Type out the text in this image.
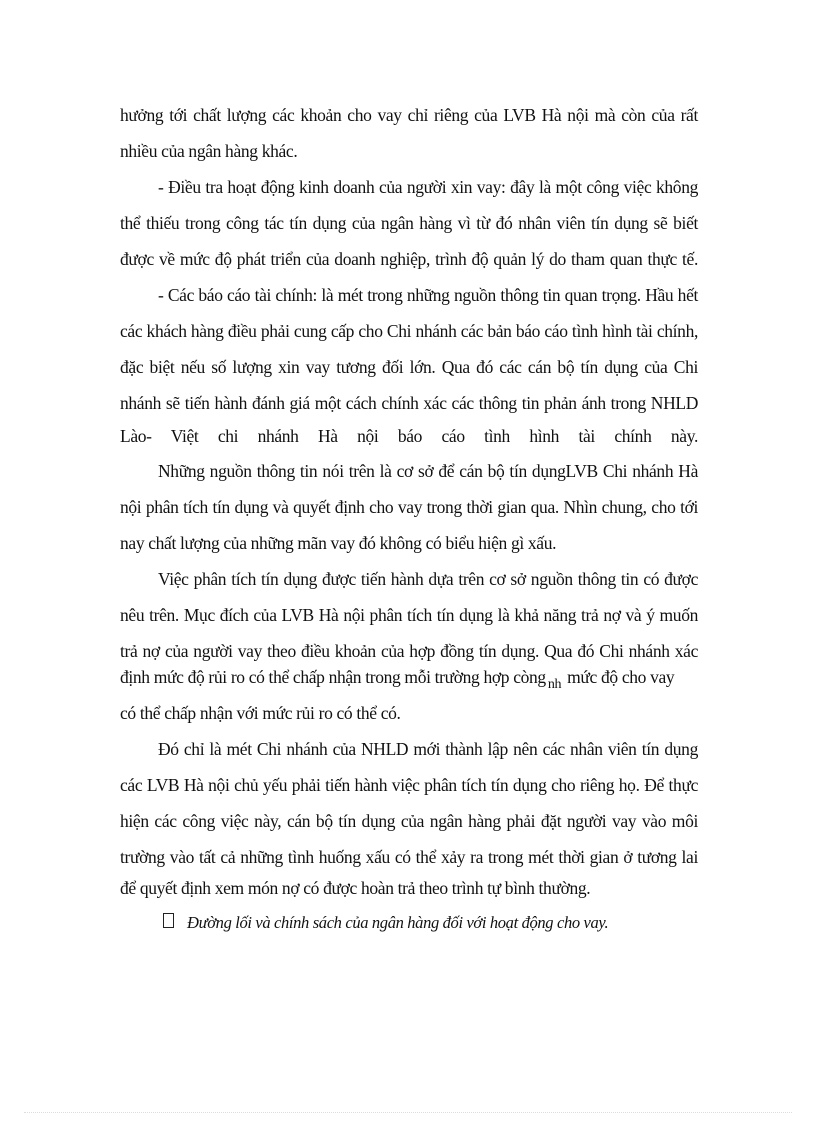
hưởng tới chất lượng các khoản cho vay chỉ riêng của LVB Hà nội mà còn của rất
nhiều của ngân hàng khác.
- Điều tra hoạt động kinh doanh của người xin vay: đây là một công việc không
thể thiếu trong công tác tín dụng của ngân hàng vì từ đó nhân viên tín dụng sẽ biết
được về mức độ phát triển của doanh nghiệp, trình độ quản lý do tham quan thực tế.
- Các báo cáo tài chính: là mét trong những nguồn thông tin quan trọng. Hầu hết
các khách hàng điều phải cung cấp cho Chi nhánh các bản báo cáo tình hình tài chính,
đặc biệt nếu số lượng xin vay tương đối lớn. Qua đó các cán bộ tín dụng của Chi
nhánh sẽ tiến hành đánh giá một cách chính xác các thông tin phản ánh trong NHLD
Lào- Việt chi nhánh Hà nội báo cáo tình hình tài chính này.
Những nguồn thông tin nói trên là cơ sở để cán bộ tín dụngLVB Chi nhánh Hà
nội phân tích tín dụng và quyết định cho vay trong thời gian qua. Nhìn chung, cho tới
nay chất lượng của những mãn vay đó không có biểu hiện gì xấu.
Việc phân tích tín dụng được tiến hành dựa trên cơ sở nguồn thông tin có được
nêu trên. Mục đích của LVB Hà nội phân tích tín dụng là khả năng trả nợ và ý muốn
trả nợ của người vay theo điều khoản của hợp đồng tín dụng. Qua đó Chi nhánh xác
định mức độ rủi ro có thể chấp nhận trong mỗi trường hợp còng $_{nh}$ mức độ cho vay
có thể chấp nhận với mức rủi ro có thể có.
Đó chỉ là mét Chi nhánh của NHLD mới thành lập nên các nhân viên tín dụng
các LVB Hà nội chủ yếu phải tiến hành việc phân tích tín dụng cho riêng họ. Để thực
hiện các công việc này, cán bộ tín dụng của ngân hàng phải đặt người vay vào môi
trường vào tất cả những tình huống xấu có thể xảy ra trong mét thời gian ở tương lai
để quyết định xem món nợ có được hoàn trả theo trình tự bình thường.
Đường lối và chính sách của ngân hàng đối với hoạt động cho vay.
